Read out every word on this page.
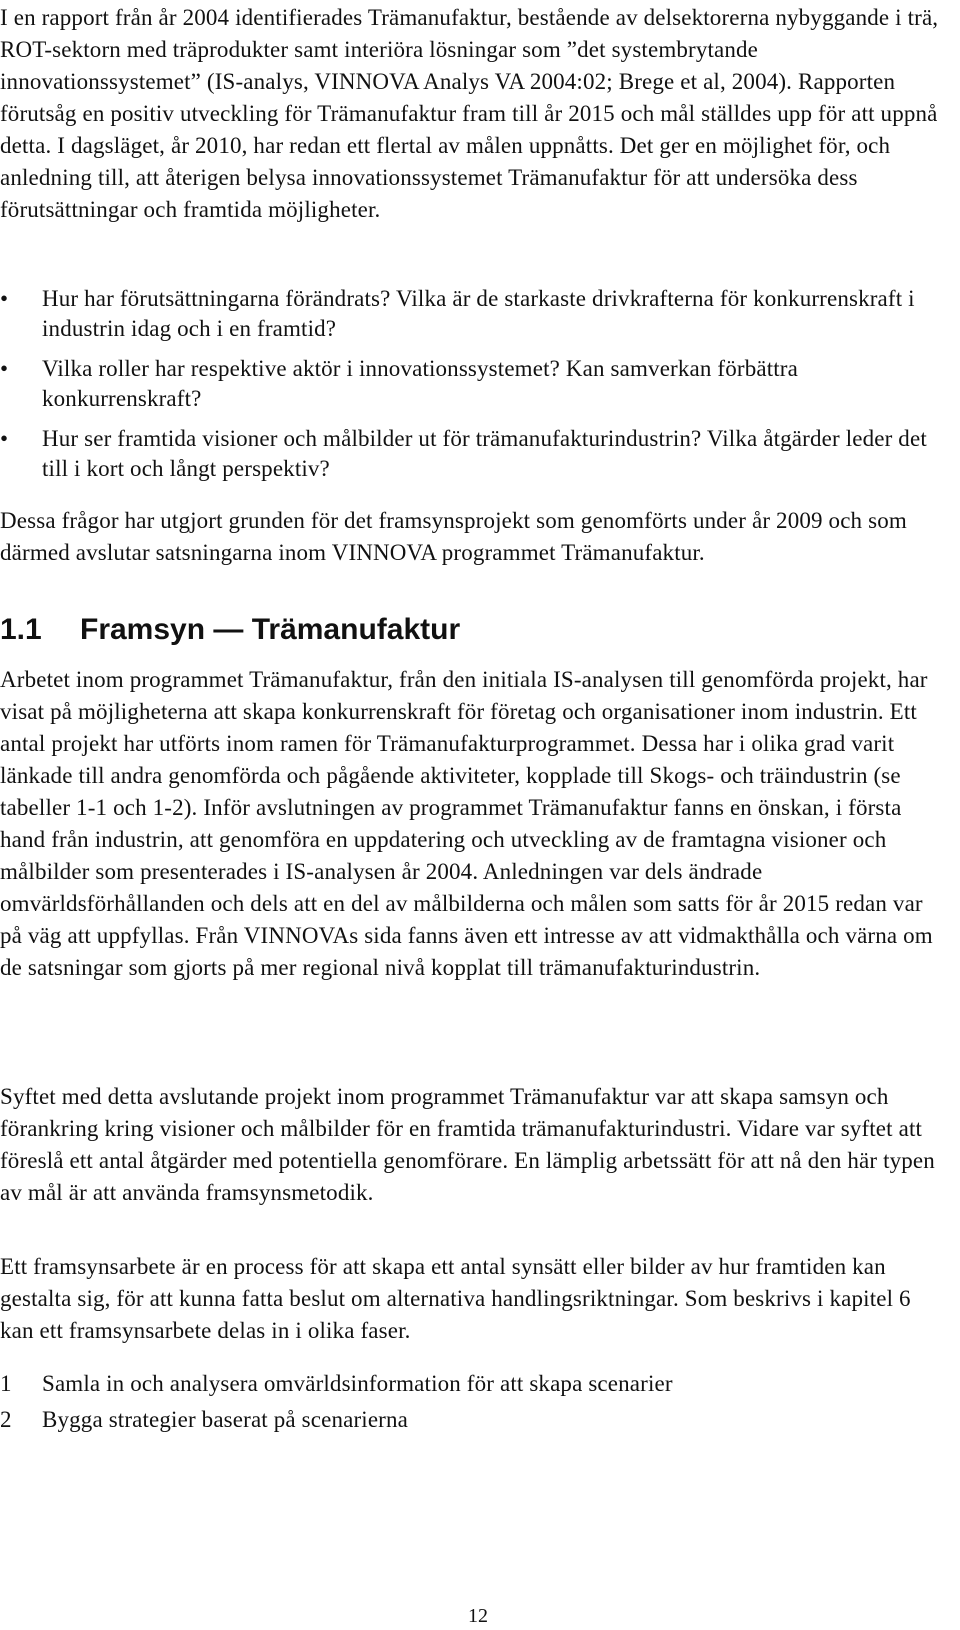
I en rapport från år 2004 identifierades Trämanufaktur, bestående av delsektorerna nybyggande i trä, ROT-sektorn med träprodukter samt interiöra lösningar som ”det systembrytande innovationssystemet” (IS-analys, VINNOVA Analys VA 2004:02; Brege et al, 2004). Rapporten förutsåg en positiv utveckling för Trämanufaktur fram till år 2015 och mål ställdes upp för att uppnå detta. I dagsläget, år 2010, har redan ett flertal av målen uppnåtts. Det ger en möjlighet för, och anledning till, att återigen belysa innovationssystemet Trämanufaktur för att undersöka dess förutsättningar och framtida möjligheter.

• Hur har förutsättningarna förändrats? Vilka är de starkaste drivkrafterna för konkurrenskraft i industrin idag och i en framtid?
• Vilka roller har respektive aktör i innovationssystemet? Kan samverkan förbättra konkurrenskraft?
• Hur ser framtida visioner och målbilder ut för trämanufakturindustrin? Vilka åtgärder leder det till i kort och långt perspektiv?

Dessa frågor har utgjort grunden för det framsynsprojekt som genomförts under år 2009 och som därmed avslutar satsningarna inom VINNOVA programmet Trämanufaktur.

1.1 Framsyn — Trämanufaktur

Arbetet inom programmet Trämanufaktur, från den initiala IS-analysen till genomförda projekt, har visat på möjligheterna att skapa konkurrenskraft för företag och organisationer inom industrin. Ett antal projekt har utförts inom ramen för Trämanufakturprogrammet. Dessa har i olika grad varit länkade till andra genomförda och pågående aktiviteter, kopplade till Skogs- och träindustrin (se tabeller 1-1 och 1-2). Inför avslutningen av programmet Trämanufaktur fanns en önskan, i första hand från industrin, att genomföra en uppdatering och utveckling av de framtagna visioner och målbilder som presenterades i IS-analysen år 2004. Anledningen var dels ändrade omvärldsförhållanden och dels att en del av målbilderna och målen som satts för år 2015 redan var på väg att uppfyllas. Från VINNOVAs sida fanns även ett intresse av att vidmakthålla och värna om de satsningar som gjorts på mer regional nivå kopplat till trämanufakturindustrin.

Syftet med detta avslutande projekt inom programmet Trämanufaktur var att skapa samsyn och förankring kring visioner och målbilder för en framtida trämanufakturindustri. Vidare var syftet att föreslå ett antal åtgärder med potentiella genomförare. En lämplig arbetssätt för att nå den här typen av mål är att använda framsynsmetodik.

Ett framsynsarbete är en process för att skapa ett antal synsätt eller bilder av hur framtiden kan gestalta sig, för att kunna fatta beslut om alternativa handlingsriktningar. Som beskrivs i kapitel 6 kan ett framsynsarbete delas in i olika faser.

1 Samla in och analysera omvärldsinformation för att skapa scenarier
2 Bygga strategier baserat på scenarierna
12
